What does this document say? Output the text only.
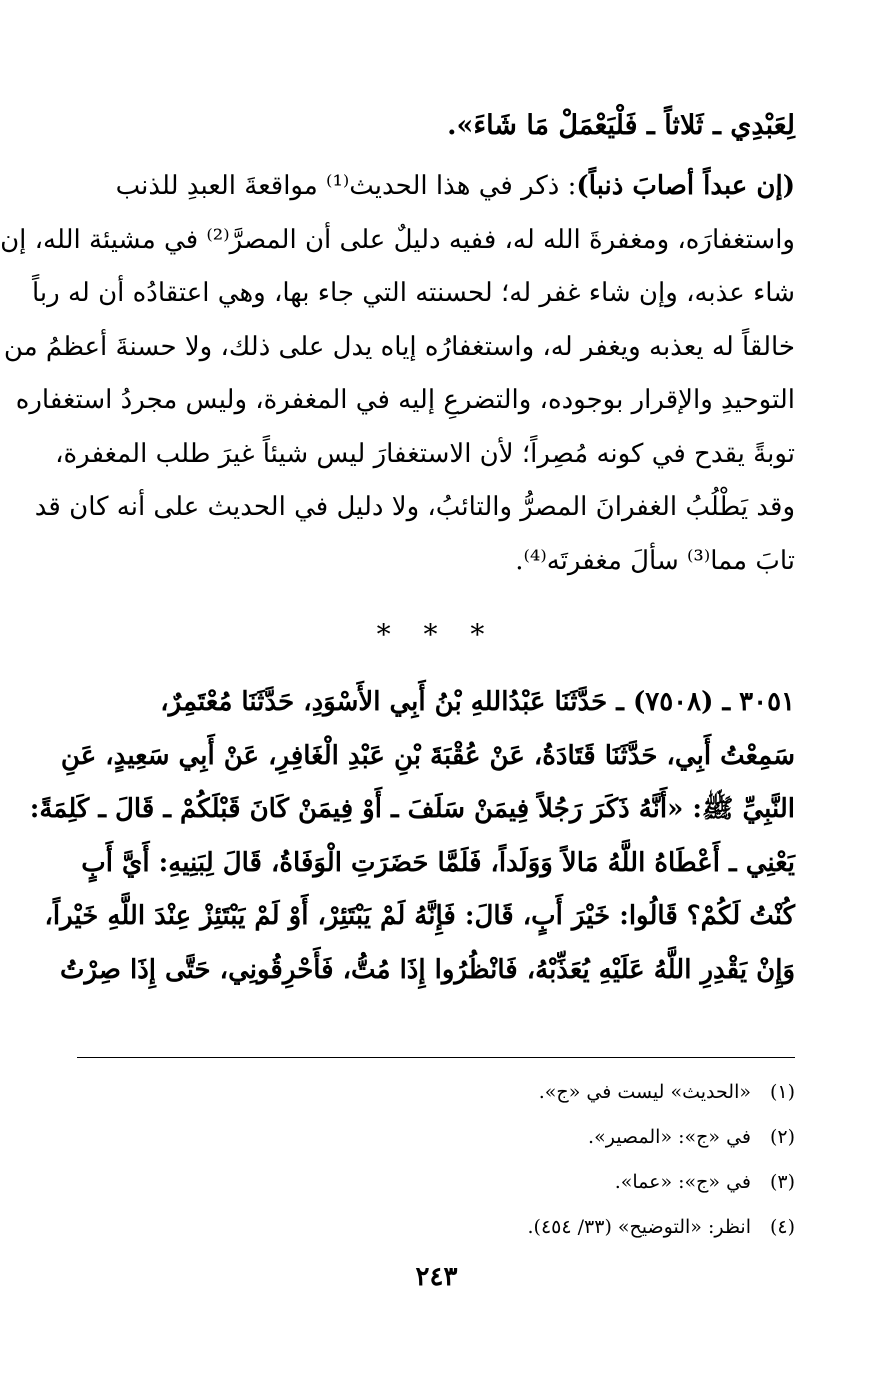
لِعَبْدِي ـ ثَلاثاً ـ فَلْيَعْمَلْ مَا شَاءَ».
(إن عبداً أصابَ ذنباً): ذكر في هذا الحديث⁽¹⁾ مواقعةَ العبدِ للذنب
واستغفارَه، ومغفرةَ الله له، ففيه دليلٌ على أن المصرَّ⁽²⁾ في مشيئة الله، إن
شاء عذبه، وإن شاء غفر له؛ لحسنته التي جاء بها، وهي اعتقادُه أن له رباً
خالقاً له يعذبه ويغفر له، واستغفارُه إياه يدل على ذلك، ولا حسنةَ أعظمُ من
التوحيدِ والإقرار بوجوده، والتضرعِ إليه في المغفرة، وليس مجردُ استغفاره
توبةً يقدح في كونه مُصِراً؛ لأن الاستغفارَ ليس شيئاً غيرَ طلب المغفرة،
وقد يَطْلُبُ الغفرانَ المصرُّ والتائبُ، ولا دليل في الحديث على أنه كان قد
تابَ مما⁽³⁾ سألَ مغفرتَه⁽⁴⁾.
* * *
٣٠٥١ ـ (٧٥٠٨) ـ حَدَّثَنَا عَبْدُاللهِ بْنُ أَبِي الأَسْوَدِ، حَدَّثَنَا مُعْتَمِرٌ،
سَمِعْتُ أَبِي، حَدَّثَنَا قَتَادَةُ، عَنْ عُقْبَةَ بْنِ عَبْدِ الْغَافِرِ، عَنْ أَبِي سَعِيدٍ، عَنِ
النَّبِيِّ ﷺ: «أَنَّهُ ذَكَرَ رَجُلاً فِيمَنْ سَلَفَ ـ أَوْ فِيمَنْ كَانَ قَبْلَكُمْ ـ قَالَ ـ كَلِمَةً:
يَعْنِي ـ أَعْطَاهُ اللَّهُ مَالاً وَوَلَداً، فَلَمَّا حَضَرَتِ الْوَفَاةُ، قَالَ لِبَنِيهِ: أَيَّ أَبٍ
كُنْتُ لَكُمْ؟ قَالُوا: خَيْرَ أَبٍ، قَالَ: فَإِنَّهُ لَمْ يَبْتَئِرْ، أَوْ لَمْ يَبْتَئِزْ عِنْدَ اللَّهِ خَيْراً،
وَإِنْ يَقْدِرِ اللَّهُ عَلَيْهِ يُعَذِّبْهُ، فَانْظُرُوا إِذَا مُتُّ، فَأَحْرِقُونِي، حَتَّى إِذَا صِرْتُ
(١)«الحديث» ليست في «ج».
(٢)في «ج»: «المصير».
(٣)في «ج»: «عما».
(٤)انظر: «التوضيح» (٣٣/ ٤٥٤).
٢٤٣
